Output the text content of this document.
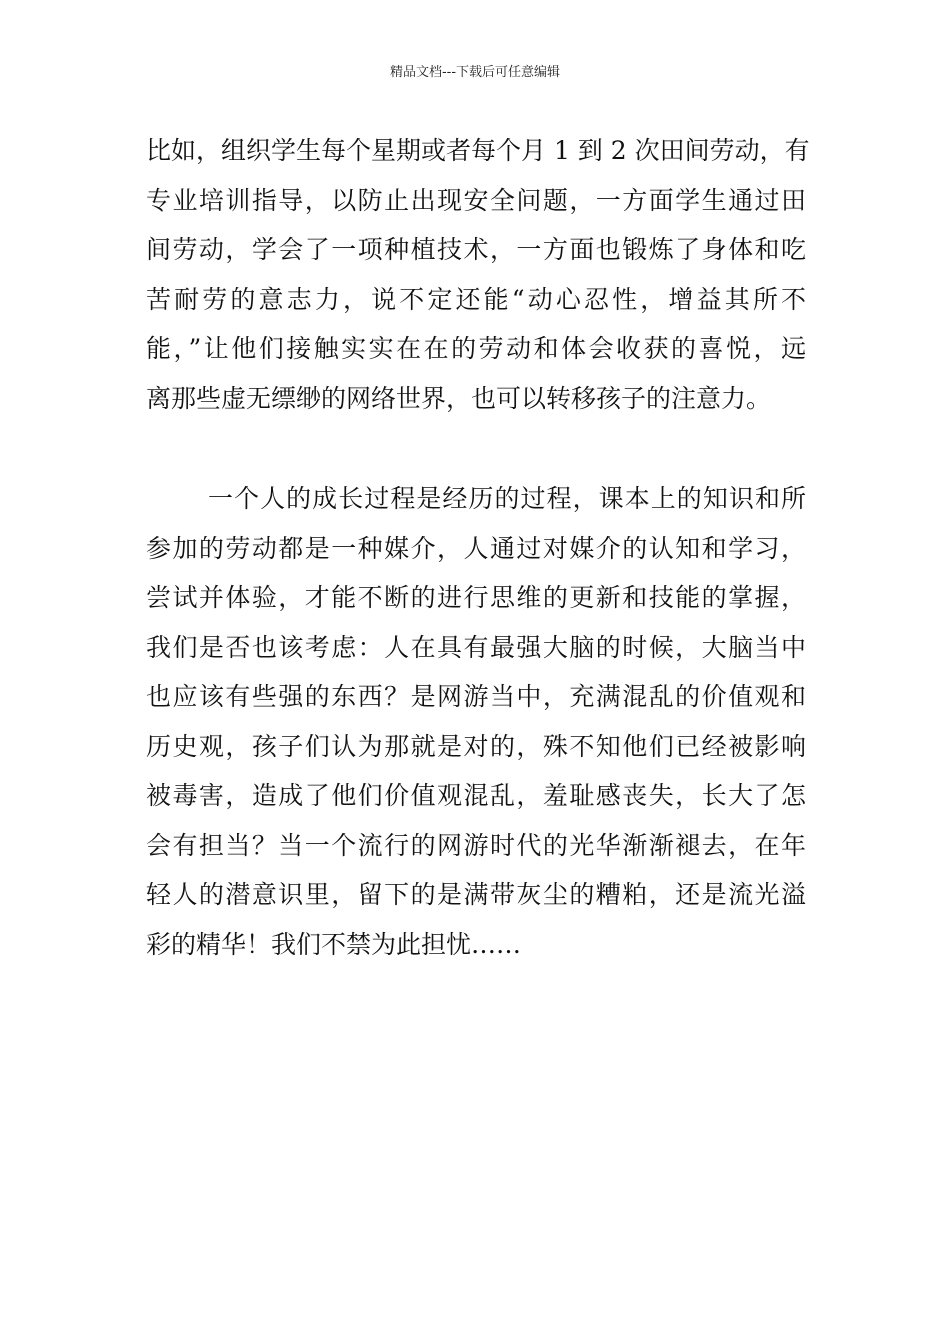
精品文档---下载后可任意编辑

比如，组织学生每个星期或者每个月 1 到 2 次田间劳动，有
专业培训指导，以防止出现安全问题，一方面学生通过田
间劳动，学会了一项种植技术，一方面也锻炼了身体和吃
苦耐劳的意志力，说不定还能“动心忍性，增益其所不
能，”让他们接触实实在在的劳动和体会收获的喜悦，远
离那些虚无缥缈的网络世界，也可以转移孩子的注意力。

一个人的成长过程是经历的过程，课本上的知识和所
参加的劳动都是一种媒介，人通过对媒介的认知和学习，
尝试并体验，才能不断的进行思维的更新和技能的掌握，
我们是否也该考虑：人在具有最强大脑的时候，大脑当中
也应该有些强的东西？是网游当中，充满混乱的价值观和
历史观，孩子们认为那就是对的，殊不知他们已经被影响
被毒害，造成了他们价值观混乱，羞耻感丧失，长大了怎
会有担当？当一个流行的网游时代的光华渐渐褪去，在年
轻人的潜意识里，留下的是满带灰尘的糟粕，还是流光溢
彩的精华！我们不禁为此担忧……
